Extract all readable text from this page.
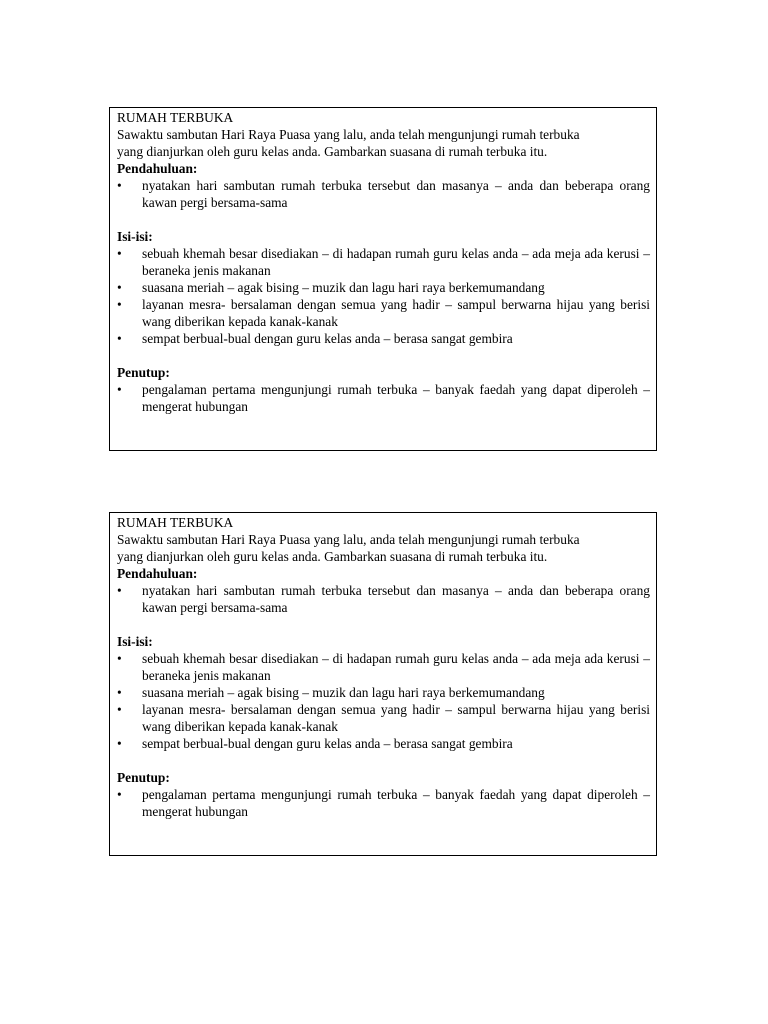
RUMAH TERBUKA
Sawaktu sambutan Hari Raya Puasa yang lalu, anda telah mengunjungi rumah terbuka
yang dianjurkan oleh guru kelas anda. Gambarkan suasana di rumah terbuka itu.
Pendahuluan:
• nyatakan hari sambutan rumah terbuka tersebut dan masanya – anda dan beberapa orang kawan pergi bersama-sama
Isi-isi:
• sebuah khemah besar disediakan – di hadapan rumah guru kelas anda – ada meja ada kerusi – beraneka jenis makanan
• suasana meriah – agak bising – muzik dan lagu hari raya berkemumandang
• layanan mesra- bersalaman dengan semua yang hadir – sampul berwarna hijau yang berisi wang diberikan kepada kanak-kanak
• sempat berbual-bual dengan guru kelas anda – berasa sangat gembira
Penutup:
• pengalaman pertama mengunjungi rumah terbuka – banyak faedah yang dapat diperoleh – mengerat hubungan
RUMAH TERBUKA
Sawaktu sambutan Hari Raya Puasa yang lalu, anda telah mengunjungi rumah terbuka
yang dianjurkan oleh guru kelas anda. Gambarkan suasana di rumah terbuka itu.
Pendahuluan:
• nyatakan hari sambutan rumah terbuka tersebut dan masanya – anda dan beberapa orang kawan pergi bersama-sama
Isi-isi:
• sebuah khemah besar disediakan – di hadapan rumah guru kelas anda – ada meja ada kerusi – beraneka jenis makanan
• suasana meriah – agak bising – muzik dan lagu hari raya berkemumandang
• layanan mesra- bersalaman dengan semua yang hadir – sampul berwarna hijau yang berisi wang diberikan kepada kanak-kanak
• sempat berbual-bual dengan guru kelas anda – berasa sangat gembira
Penutup:
• pengalaman pertama mengunjungi rumah terbuka – banyak faedah yang dapat diperoleh – mengerat hubungan
